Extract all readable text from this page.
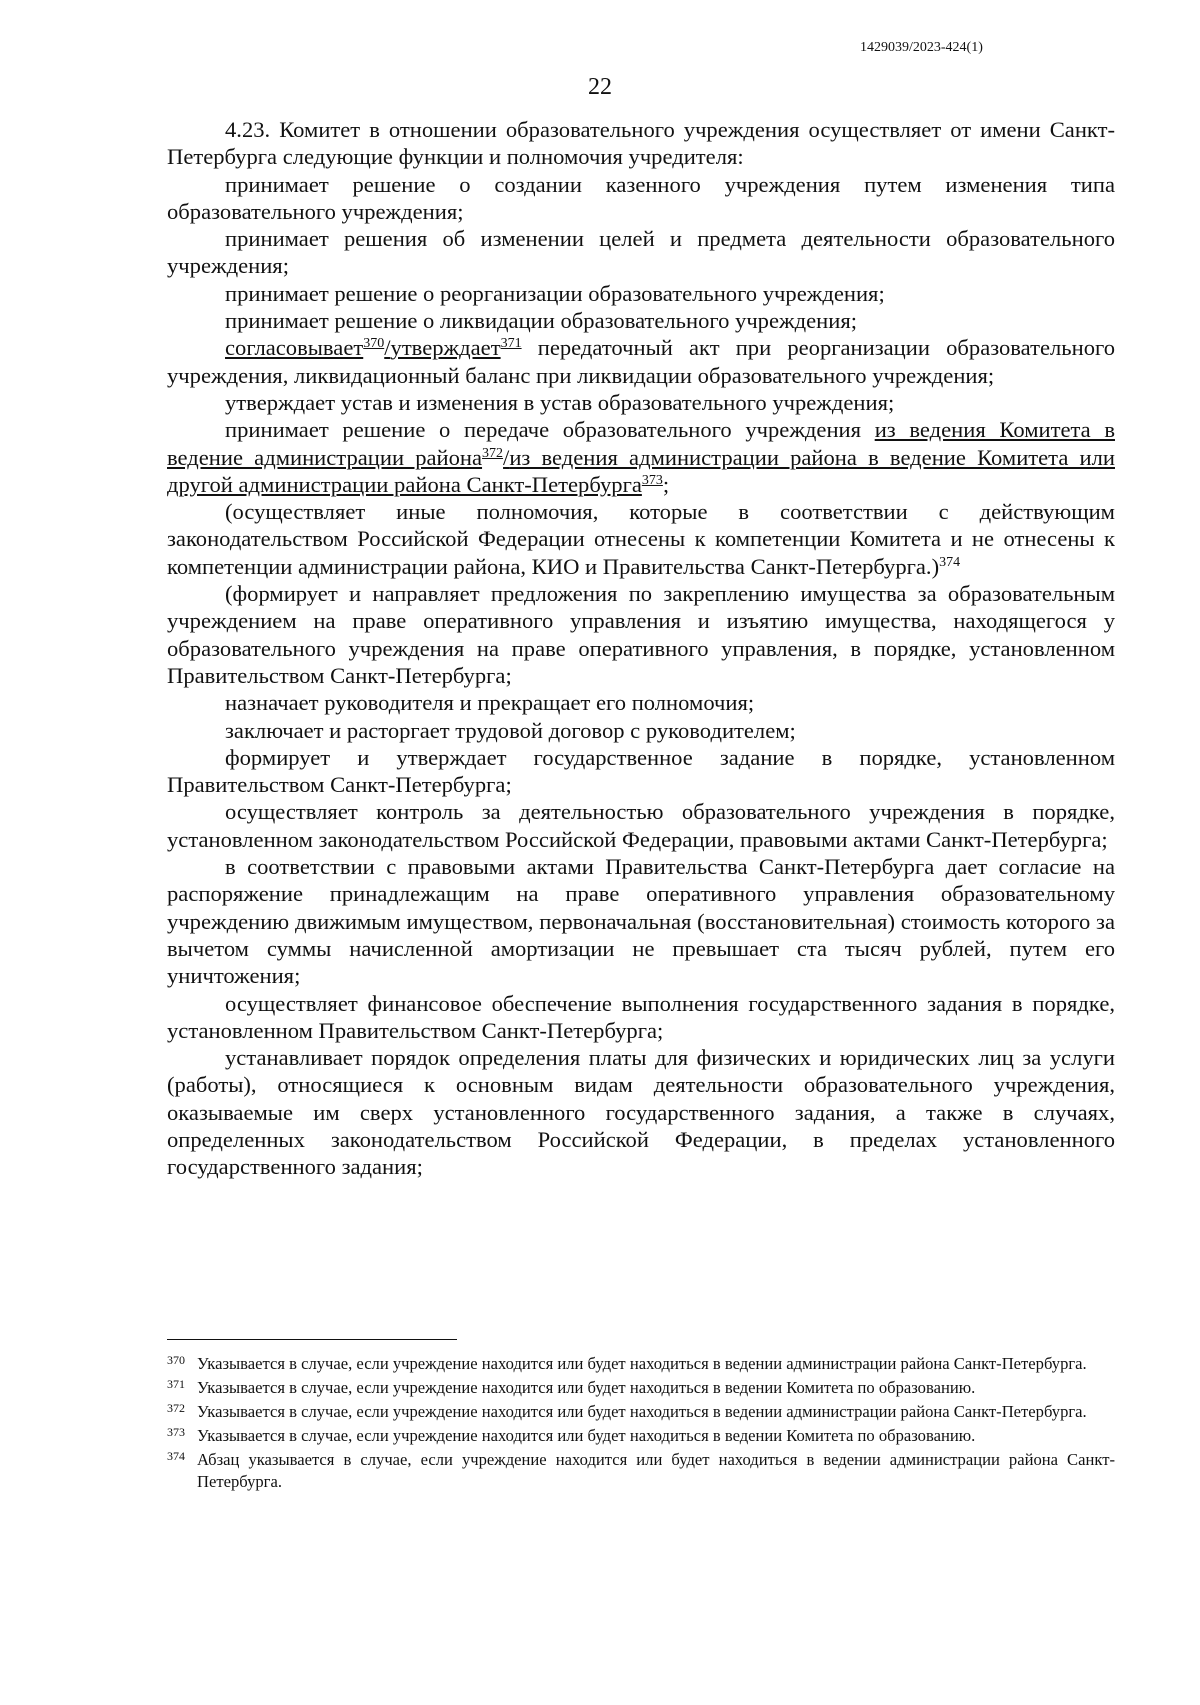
1429039/2023-424(1)
22

4.23. Комитет в отношении образовательного учреждения осуществляет от имени Санкт-Петербурга следующие функции и полномочия учредителя:

принимает решение о создании казенного учреждения путем изменения типа образовательного учреждения;

принимает решения об изменении целей и предмета деятельности образовательного учреждения;

принимает решение о реорганизации образовательного учреждения;

принимает решение о ликвидации образовательного учреждения;

согласовывает$^{370}$/утверждает$^{371}$ передаточный акт при реорганизации образовательного учреждения, ликвидационный баланс при ликвидации образовательного учреждения;

утверждает устав и изменения в устав образовательного учреждения;

принимает решение о передаче образовательного учреждения из ведения Комитета в ведение администрации района$^{372}$/из ведения администрации района в ведение Комитета или другой администрации района Санкт-Петербурга$^{373}$;

(осуществляет иные полномочия, которые в соответствии с действующим законодательством Российской Федерации отнесены к компетенции Комитета и не отнесены к компетенции администрации района, КИО и Правительства Санкт-Петербурга.)$^{374}$

(формирует и направляет предложения по закреплению имущества за образовательным учреждением на праве оперативного управления и изъятию имущества, находящегося у образовательного учреждения на праве оперативного управления, в порядке, установленном Правительством Санкт-Петербурга;

назначает руководителя и прекращает его полномочия;

заключает и расторгает трудовой договор с руководителем;

формирует и утверждает государственное задание в порядке, установленном Правительством Санкт-Петербурга;

осуществляет контроль за деятельностью образовательного учреждения в порядке, установленном законодательством Российской Федерации, правовыми актами Санкт-Петербурга;

в соответствии с правовыми актами Правительства Санкт-Петербурга дает согласие на распоряжение принадлежащим на праве оперативного управления образовательному учреждению движимым имуществом, первоначальная (восстановительная) стоимость которого за вычетом суммы начисленной амортизации не превышает ста тысяч рублей, путем его уничтожения;

осуществляет финансовое обеспечение выполнения государственного задания в порядке, установленном Правительством Санкт-Петербурга;

устанавливает порядок определения платы для физических и юридических лиц за услуги (работы), относящиеся к основным видам деятельности образовательного учреждения, оказываемые им сверх установленного государственного задания, а также в случаях, определенных законодательством Российской Федерации, в пределах установленного государственного задания;

370 Указывается в случае, если учреждение находится или будет находиться в ведении администрации района Санкт-Петербурга.
371 Указывается в случае, если учреждение находится или будет находиться в ведении Комитета по образованию.
372 Указывается в случае, если учреждение находится или будет находиться в ведении администрации района Санкт-Петербурга.
373 Указывается в случае, если учреждение находится или будет находиться в ведении Комитета по образованию.
374 Абзац указывается в случае, если учреждение находится или будет находиться в ведении администрации района Санкт-Петербурга.
